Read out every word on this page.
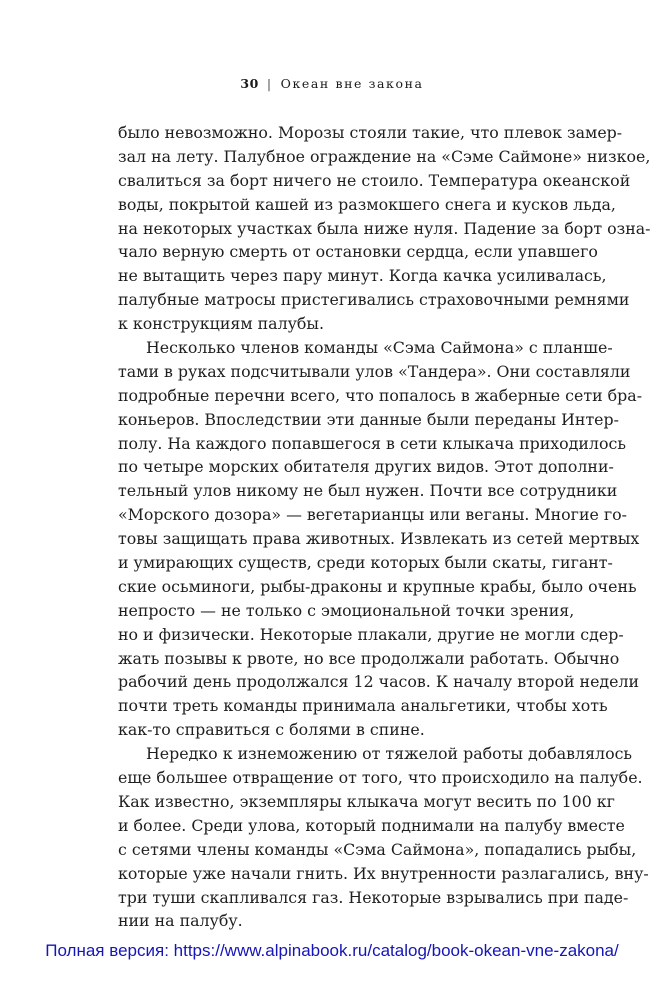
30 | Океан вне закона
было невозможно. Морозы стояли такие, что плевок замер-
зал на лету. Палубное ограждение на «Сэме Саймоне» низкое,
свалиться за борт ничего не стоило. Температура океанской
воды, покрытой кашей из размокшего снега и кусков льда,
на некоторых участках была ниже нуля. Падение за борт озна-
чало верную смерть от остановки сердца, если упавшего
не вытащить через пару минут. Когда качка усиливалась,
палубные матросы пристегивались страховочными ремнями
к конструкциям палубы.
Несколько членов команды «Сэма Саймона» с планше-
тами в руках подсчитывали улов «Тандера». Они составляли
подробные перечни всего, что попалось в жаберные сети бра-
коньеров. Впоследствии эти данные были переданы Интер-
полу. На каждого попавшегося в сети клыкача приходилось
по четыре морских обитателя других видов. Этот дополни-
тельный улов никому не был нужен. Почти все сотрудники
«Морского дозора» — вегетарианцы или веганы. Многие го-
товы защищать права животных. Извлекать из сетей мертвых
и умирающих существ, среди которых были скаты, гигант-
ские осьминоги, рыбы-драконы и крупные крабы, было очень
непросто — не только с эмоциональной точки зрения,
но и физически. Некоторые плакали, другие не могли сдер-
жать позывы к рвоте, но все продолжали работать. Обычно
рабочий день продолжался 12 часов. К началу второй недели
почти треть команды принимала анальгетики, чтобы хоть
как-то справиться с болями в спине.
Нередко к изнеможению от тяжелой работы добавлялось
еще большее отвращение от того, что происходило на палубе.
Как известно, экземпляры клыкача могут весить по 100 кг
и более. Среди улова, который поднимали на палубу вместе
с сетями члены команды «Сэма Саймона», попадались рыбы,
которые уже начали гнить. Их внутренности разлагались, вну-
три туши скапливался газ. Некоторые взрывались при паде-
нии на палубу.
Полная версия: https://www.alpinabook.ru/catalog/book-okean-vne-zakona/
